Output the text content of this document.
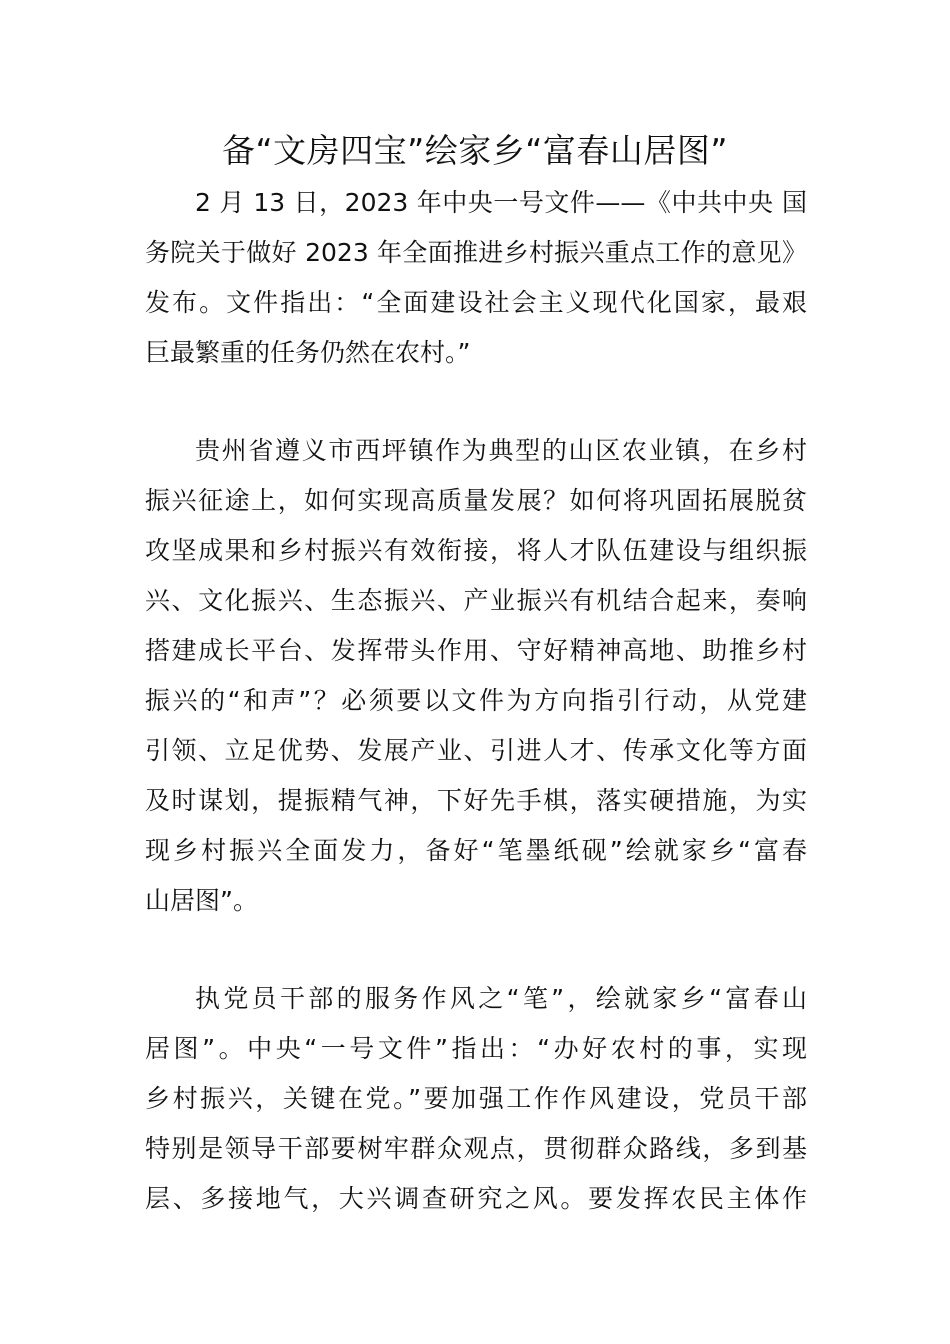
备“文房四宝”绘家乡“富春山居图”
2 月 13 日，2023 年中央一号文件——《中共中央 国
务院关于做好 2023 年全面推进乡村振兴重点工作的意见》
发布。文件指出：“全面建设社会主义现代化国家，最艰
巨最繁重的任务仍然在农村。”
贵州省遵义市西坪镇作为典型的山区农业镇，在乡村
振兴征途上，如何实现高质量发展？如何将巩固拓展脱贫
攻坚成果和乡村振兴有效衔接，将人才队伍建设与组织振
兴、文化振兴、生态振兴、产业振兴有机结合起来，奏响
搭建成长平台、发挥带头作用、守好精神高地、助推乡村
振兴的“和声”？必须要以文件为方向指引行动，从党建
引领、立足优势、发展产业、引进人才、传承文化等方面
及时谋划，提振精气神，下好先手棋，落实硬措施，为实
现乡村振兴全面发力，备好“笔墨纸砚”绘就家乡“富春
山居图”。
执党员干部的服务作风之“笔”，绘就家乡“富春山
居图”。中央“一号文件”指出：“办好农村的事，实现
乡村振兴，关键在党。”要加强工作作风建设，党员干部
特别是领导干部要树牢群众观点，贯彻群众路线，多到基
层、多接地气，大兴调查研究之风。要发挥农民主体作
